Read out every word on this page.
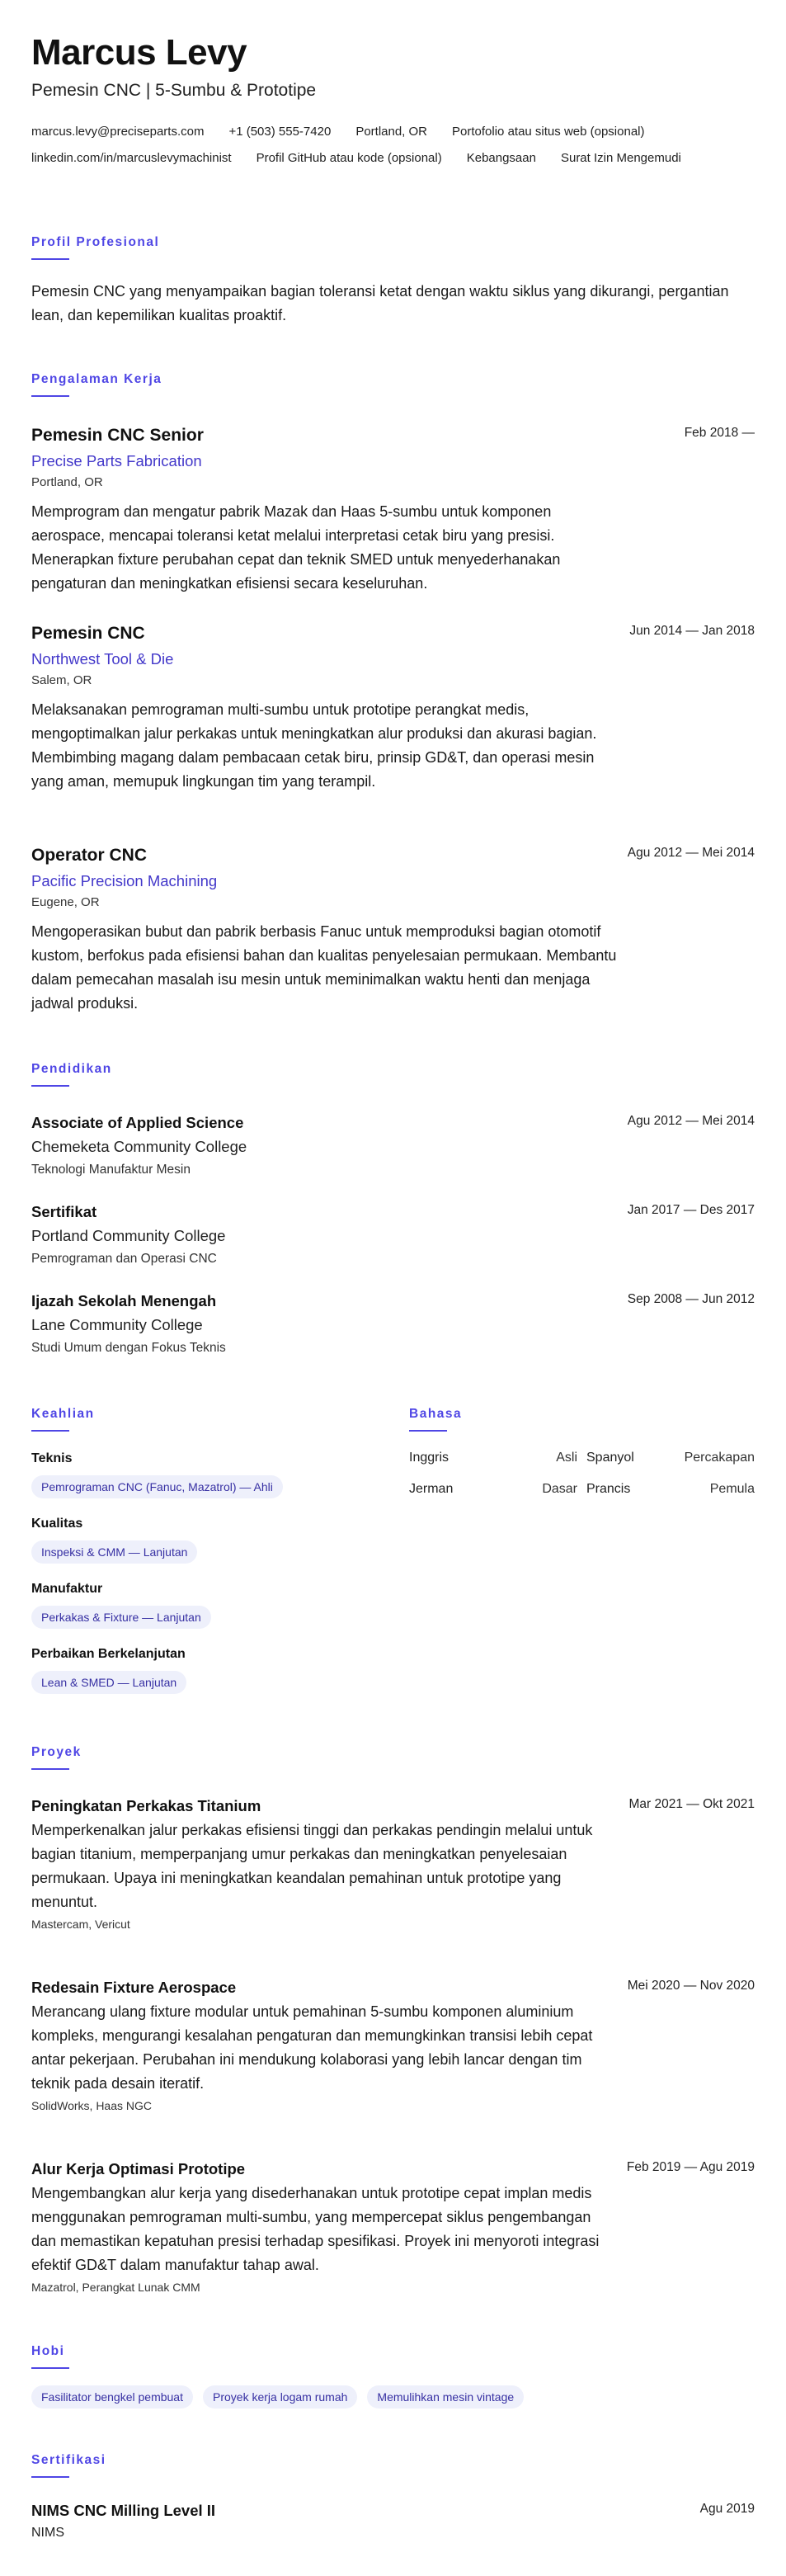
Marcus Levy
Pemesin CNC | 5-Sumbu & Prototipe
marcus.levy@preciseparts.com +1 (503) 555-7420 Portland, OR Portofolio atau situs web (opsional)
linkedin.com/in/marcuslevymachinist Profil GitHub atau kode (opsional) Kebangsaan Surat Izin Mengemudi
Profil Profesional
Pemesin CNC yang menyampaikan bagian toleransi ketat dengan waktu siklus yang dikurangi, pergantian lean, dan kepemilikan kualitas proaktif.
Pengalaman Kerja
Pemesin CNC Senior
Precise Parts Fabrication
Portland, OR
Memprogram dan mengatur pabrik Mazak dan Haas 5-sumbu untuk komponen aerospace, mencapai toleransi ketat melalui interpretasi cetak biru yang presisi. Menerapkan fixture perubahan cepat dan teknik SMED untuk menyederhanakan pengaturan dan meningkatkan efisiensi secara keseluruhan.
Feb 2018 —
Pemesin CNC
Northwest Tool & Die
Salem, OR
Melaksanakan pemrograman multi-sumbu untuk prototipe perangkat medis, mengoptimalkan jalur perkakas untuk meningkatkan alur produksi dan akurasi bagian. Membimbing magang dalam pembacaan cetak biru, prinsip GD&T, dan operasi mesin yang aman, memupuk lingkungan tim yang terampil.
Jun 2014 — Jan 2018
Operator CNC
Pacific Precision Machining
Eugene, OR
Mengoperasikan bubut dan pabrik berbasis Fanuc untuk memproduksi bagian otomotif kustom, berfokus pada efisiensi bahan dan kualitas penyelesaian permukaan. Membantu dalam pemecahan masalah isu mesin untuk meminimalkan waktu henti dan menjaga jadwal produksi.
Agu 2012 — Mei 2014
Pendidikan
Associate of Applied Science
Chemeketa Community College
Teknologi Manufaktur Mesin
Agu 2012 — Mei 2014
Sertifikat
Portland Community College
Pemrograman dan Operasi CNC
Jan 2017 — Des 2017
Ijazah Sekolah Menengah
Lane Community College
Studi Umum dengan Fokus Teknis
Sep 2008 — Jun 2012
Keahlian
Teknis
Pemrograman CNC (Fanuc, Mazatrol) — Ahli
Kualitas
Inspeksi & CMM — Lanjutan
Manufaktur
Perkakas & Fixture — Lanjutan
Perbaikan Berkelanjutan
Lean & SMED — Lanjutan
Bahasa
Inggris	Asli Spanyol	Percakapan
Jerman	Dasar Prancis	Pemula
Proyek
Peningkatan Perkakas Titanium
Memperkenalkan jalur perkakas efisiensi tinggi dan perkakas pendingin melalui untuk bagian titanium, memperpanjang umur perkakas dan meningkatkan penyelesaian permukaan. Upaya ini meningkatkan keandalan pemahinan untuk prototipe yang menuntut.
Mastercam, Vericut
Mar 2021 — Okt 2021
Redesain Fixture Aerospace
Merancang ulang fixture modular untuk pemahinan 5-sumbu komponen aluminium kompleks, mengurangi kesalahan pengaturan dan memungkinkan transisi lebih cepat antar pekerjaan. Perubahan ini mendukung kolaborasi yang lebih lancar dengan tim teknik pada desain iteratif.
SolidWorks, Haas NGC
Mei 2020 — Nov 2020
Alur Kerja Optimasi Prototipe
Mengembangkan alur kerja yang disederhanakan untuk prototipe cepat implan medis menggunakan pemrograman multi-sumbu, yang mempercepat siklus pengembangan dan memastikan kepatuhan presisi terhadap spesifikasi. Proyek ini menyoroti integrasi efektif GD&T dalam manufaktur tahap awal.
Mazatrol, Perangkat Lunak CMM
Feb 2019 — Agu 2019
Hobi
Fasilitator bengkel pembuat	Proyek kerja logam rumah	Memulihkan mesin vintage
Sertifikasi
NIMS CNC Milling Level II
NIMS
Agu 2019
